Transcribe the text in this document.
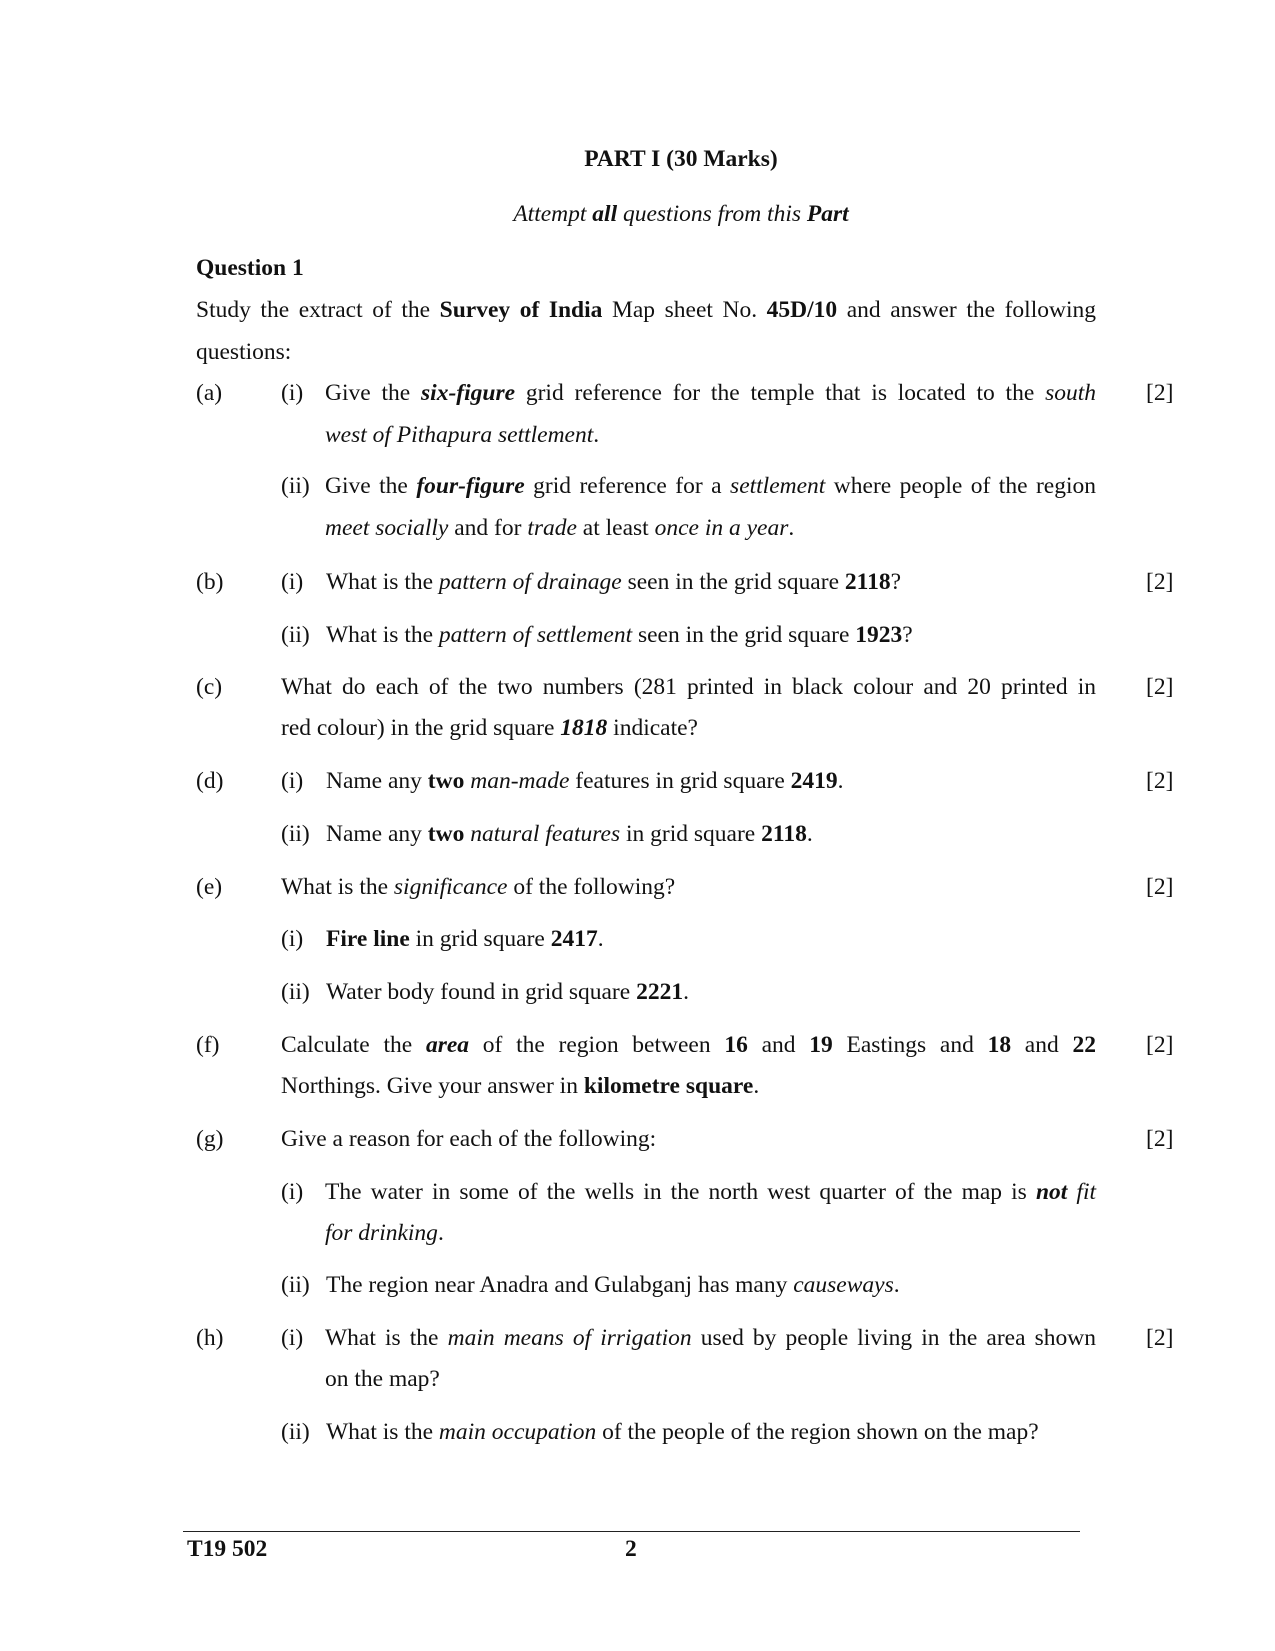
PART I (30 Marks)
Attempt all questions from this Part
Question 1
Study the extract of the Survey of India Map sheet No. 45D/10 and answer the following
questions:
(a)	(i) Give the six-figure grid reference for the temple that is located to the south
west of Pithapura settlement.
[2]
(ii) Give the four-figure grid reference for a settlement where people of the region
meet socially and for trade at least once in a year.
(b) (i) What is the pattern of drainage seen in the grid square 2118?	[2]
(ii) What is the pattern of settlement seen in the grid square 1923?
(c)	What do each of the two numbers (281 printed in black colour and 20 printed in
red colour) in the grid square 1818 indicate?
[2]
(d) (i) Name any two man-made features in grid square 2419.	[2]
(ii) Name any two natural features in grid square 2118.
(e)	What is the significance of the following?	[2]
(i) Fire line in grid square 2417.
(ii) Water body found in grid square 2221.
(f)	Calculate the area of the region between 16 and 19 Eastings and 18 and 22
Northings. Give your answer in kilometre square.
[2]
(g) Give a reason for each of the following:	[2]
(i) The water in some of the wells in the north west quarter of the map is not fit
for drinking.
(ii) The region near Anadra and Gulabganj has many causeways.
(h) (i) What is the main means of irrigation used by people living in the area shown
on the map?
[2]
(ii) What is the main occupation of the people of the region shown on the map?
T19 502	2
